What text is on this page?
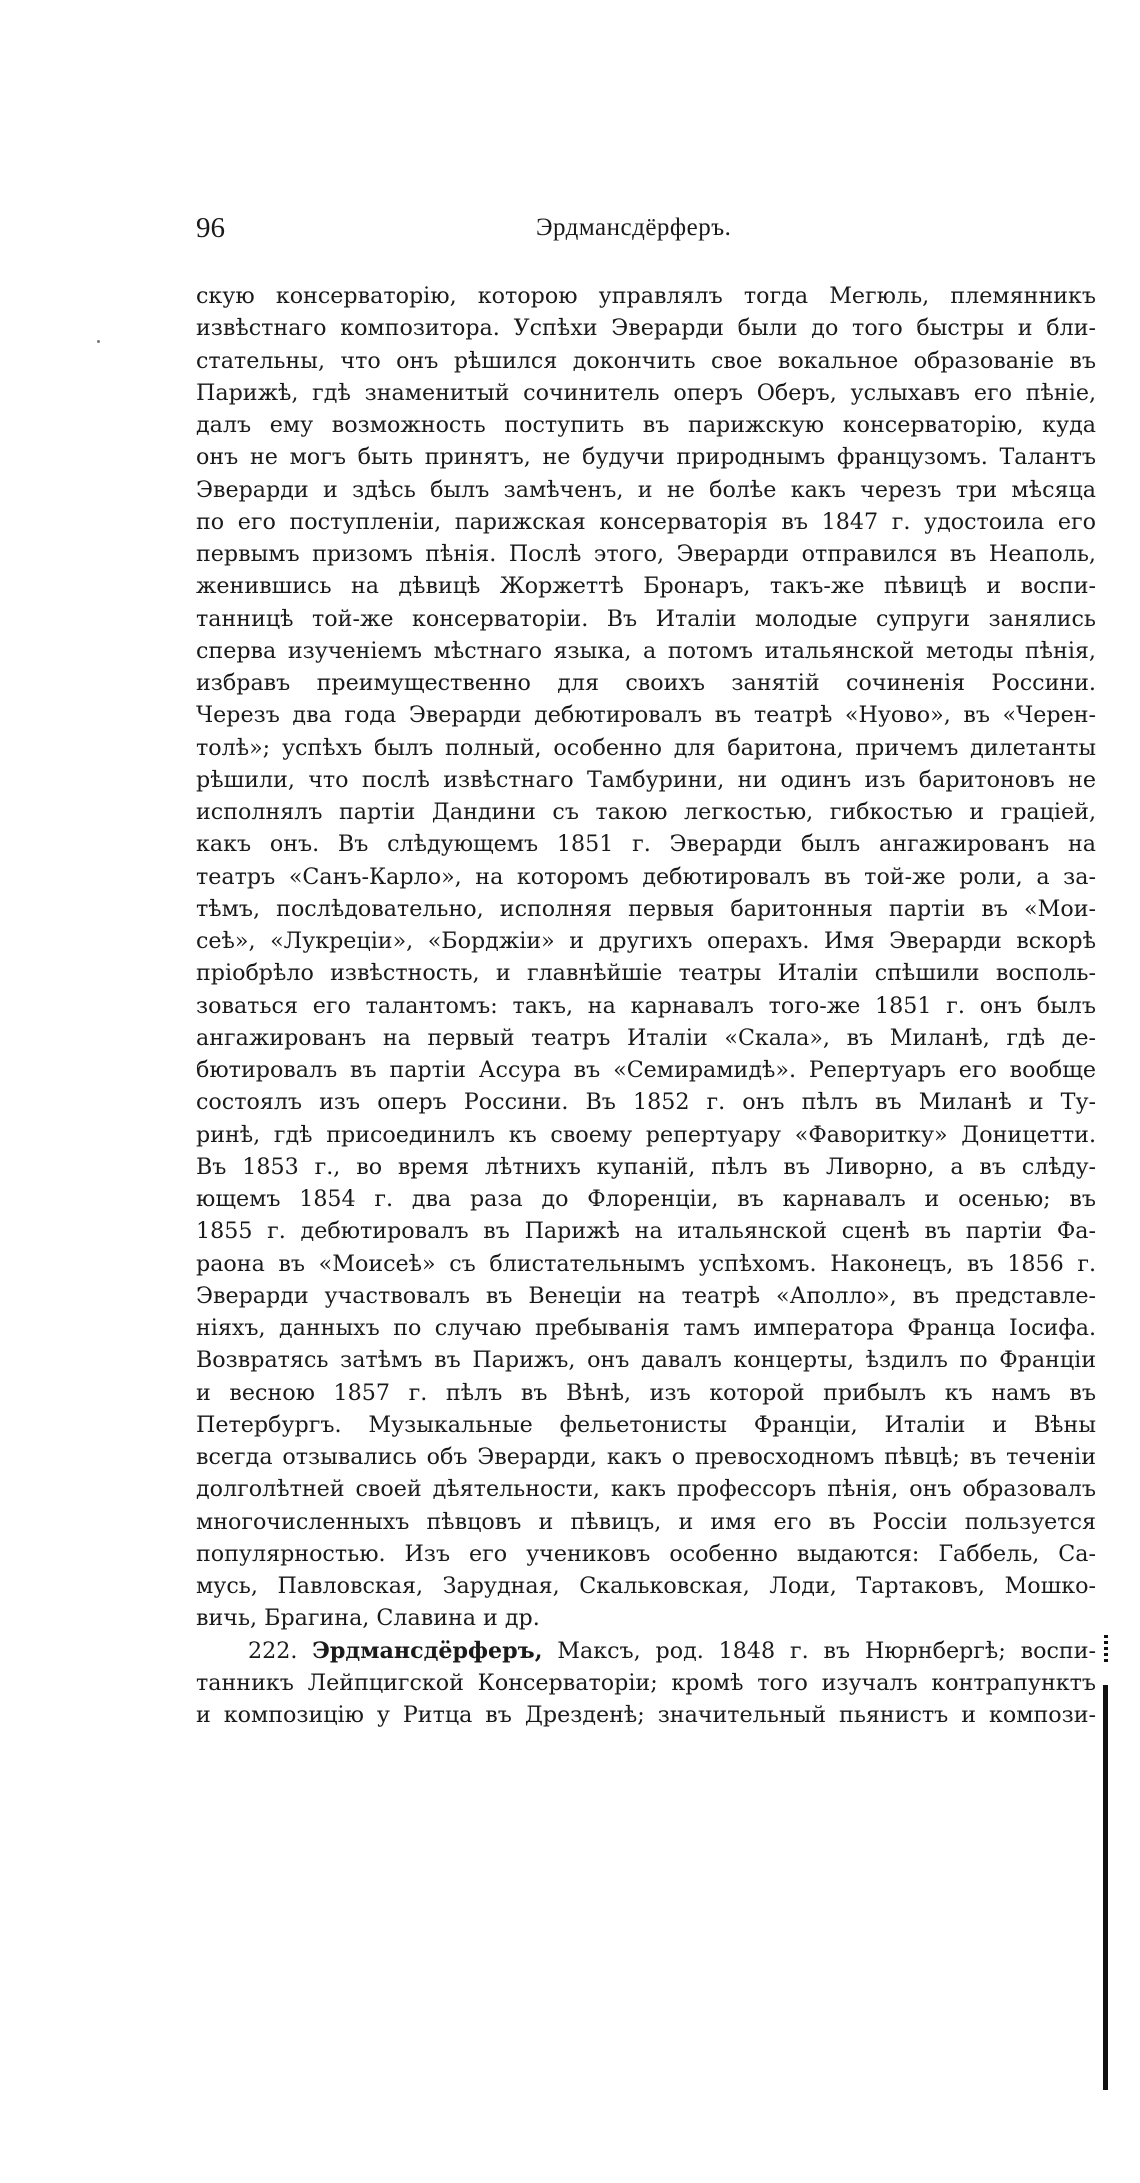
96	Эрдмансдёрферъ.
скую консерваторію, которою управлялъ тогда Мегюль, племянникъ
извѣстнаго композитора. Успѣхи Эверарди были до того быстры и бли-
стательны, что онъ рѣшился докончить свое вокальное образованіе въ
Парижѣ, гдѣ знаменитый сочинитель оперъ Оберъ, услыхавъ его пѣніе,
далъ ему возможность поступить въ парижскую консерваторію, куда
онъ не могъ быть принятъ, не будучи природнымъ французомъ. Талантъ
Эверарди и здѣсь былъ замѣченъ, и не болѣе какъ черезъ три мѣсяца
по его поступленіи, парижская консерваторія въ 1847 г. удостоила его
первымъ призомъ пѣнія. Послѣ этого, Эверарди отправился въ Неаполь,
женившись на дѣвицѣ Жоржеттѣ Бронаръ, такъ-же пѣвицѣ и воспи-
танницѣ той-же консерваторіи. Въ Италіи молодые супруги занялись
сперва изученіемъ мѣстнаго языка, а потомъ итальянской методы пѣнія,
избравъ преимущественно для своихъ занятій сочиненія Россини.
Черезъ два года Эверарди дебютировалъ въ театрѣ «Нуово», въ «Черен-
толѣ»; успѣхъ былъ полный, особенно для баритона, причемъ дилетанты
рѣшили, что послѣ извѣстнаго Тамбурини, ни одинъ изъ баритоновъ не
исполнялъ партіи Дандини съ такою легкостью, гибкостью и граціей,
какъ онъ. Въ слѣдующемъ 1851 г. Эверарди былъ ангажированъ на
театръ «Санъ-Карло», на которомъ дебютировалъ въ той-же роли, а за-
тѣмъ, послѣдовательно, исполняя первыя баритонныя партіи въ «Мои-
сеѣ», «Лукреціи», «Борджіи» и другихъ операхъ. Имя Эверарди вскорѣ
пріобрѣло извѣстность, и главнѣйшіе театры Италіи спѣшили восполь-
зоваться его талантомъ: такъ, на карнавалъ того-же 1851 г. онъ былъ
ангажированъ на первый театръ Италіи «Скала», въ Миланѣ, гдѣ де-
бютировалъ въ партіи Ассура въ «Семирамидѣ». Репертуаръ его вообще
состоялъ изъ оперъ Россини. Въ 1852 г. онъ пѣлъ въ Миланѣ и Ту-
ринѣ, гдѣ присоединилъ къ своему репертуару «Фаворитку» Доницетти.
Въ 1853 г., во время лѣтнихъ купаній, пѣлъ въ Ливорно, а въ слѣду-
ющемъ 1854 г. два раза до Флоренціи, въ карнавалъ и осенью; въ
1855 г. дебютировалъ въ Парижѣ на итальянской сценѣ въ партіи Фа-
раона въ «Моисеѣ» съ блистательнымъ успѣхомъ. Наконецъ, въ 1856 г.
Эверарди участвовалъ въ Венеціи на театрѣ «Аполло», въ представле-
ніяхъ, данныхъ по случаю пребыванія тамъ императора Франца Іосифа.
Возвратясь затѣмъ въ Парижъ, онъ давалъ концерты, ѣздилъ по Франціи
и весною 1857 г. пѣлъ въ Вѣнѣ, изъ которой прибылъ къ намъ въ
Петербургъ. Музыкальные фельетонисты Франціи, Италіи и Вѣны
всегда отзывались объ Эверарди, какъ о превосходномъ пѣвцѣ; въ теченіи
долголѣтней своей дѣятельности, какъ профессоръ пѣнія, онъ образовалъ
многочисленныхъ пѣвцовъ и пѣвицъ, и имя его въ Россіи пользуется
популярностью. Изъ его учениковъ особенно выдаются: Габбель, Са-
мусь, Павловская, Зарудная, Скальковская, Лоди, Тартаковъ, Мошко-
вичь, Брагина, Славина и др.
222. Эрдмансдёрферъ, Максъ, род. 1848 г. въ Нюрнбергѣ; воспи-
танникъ Лейпцигской Консерваторіи; кромѣ того изучалъ контрапунктъ
и композицію у Ритца въ Дрезденѣ; значительный пьянистъ и компози-
